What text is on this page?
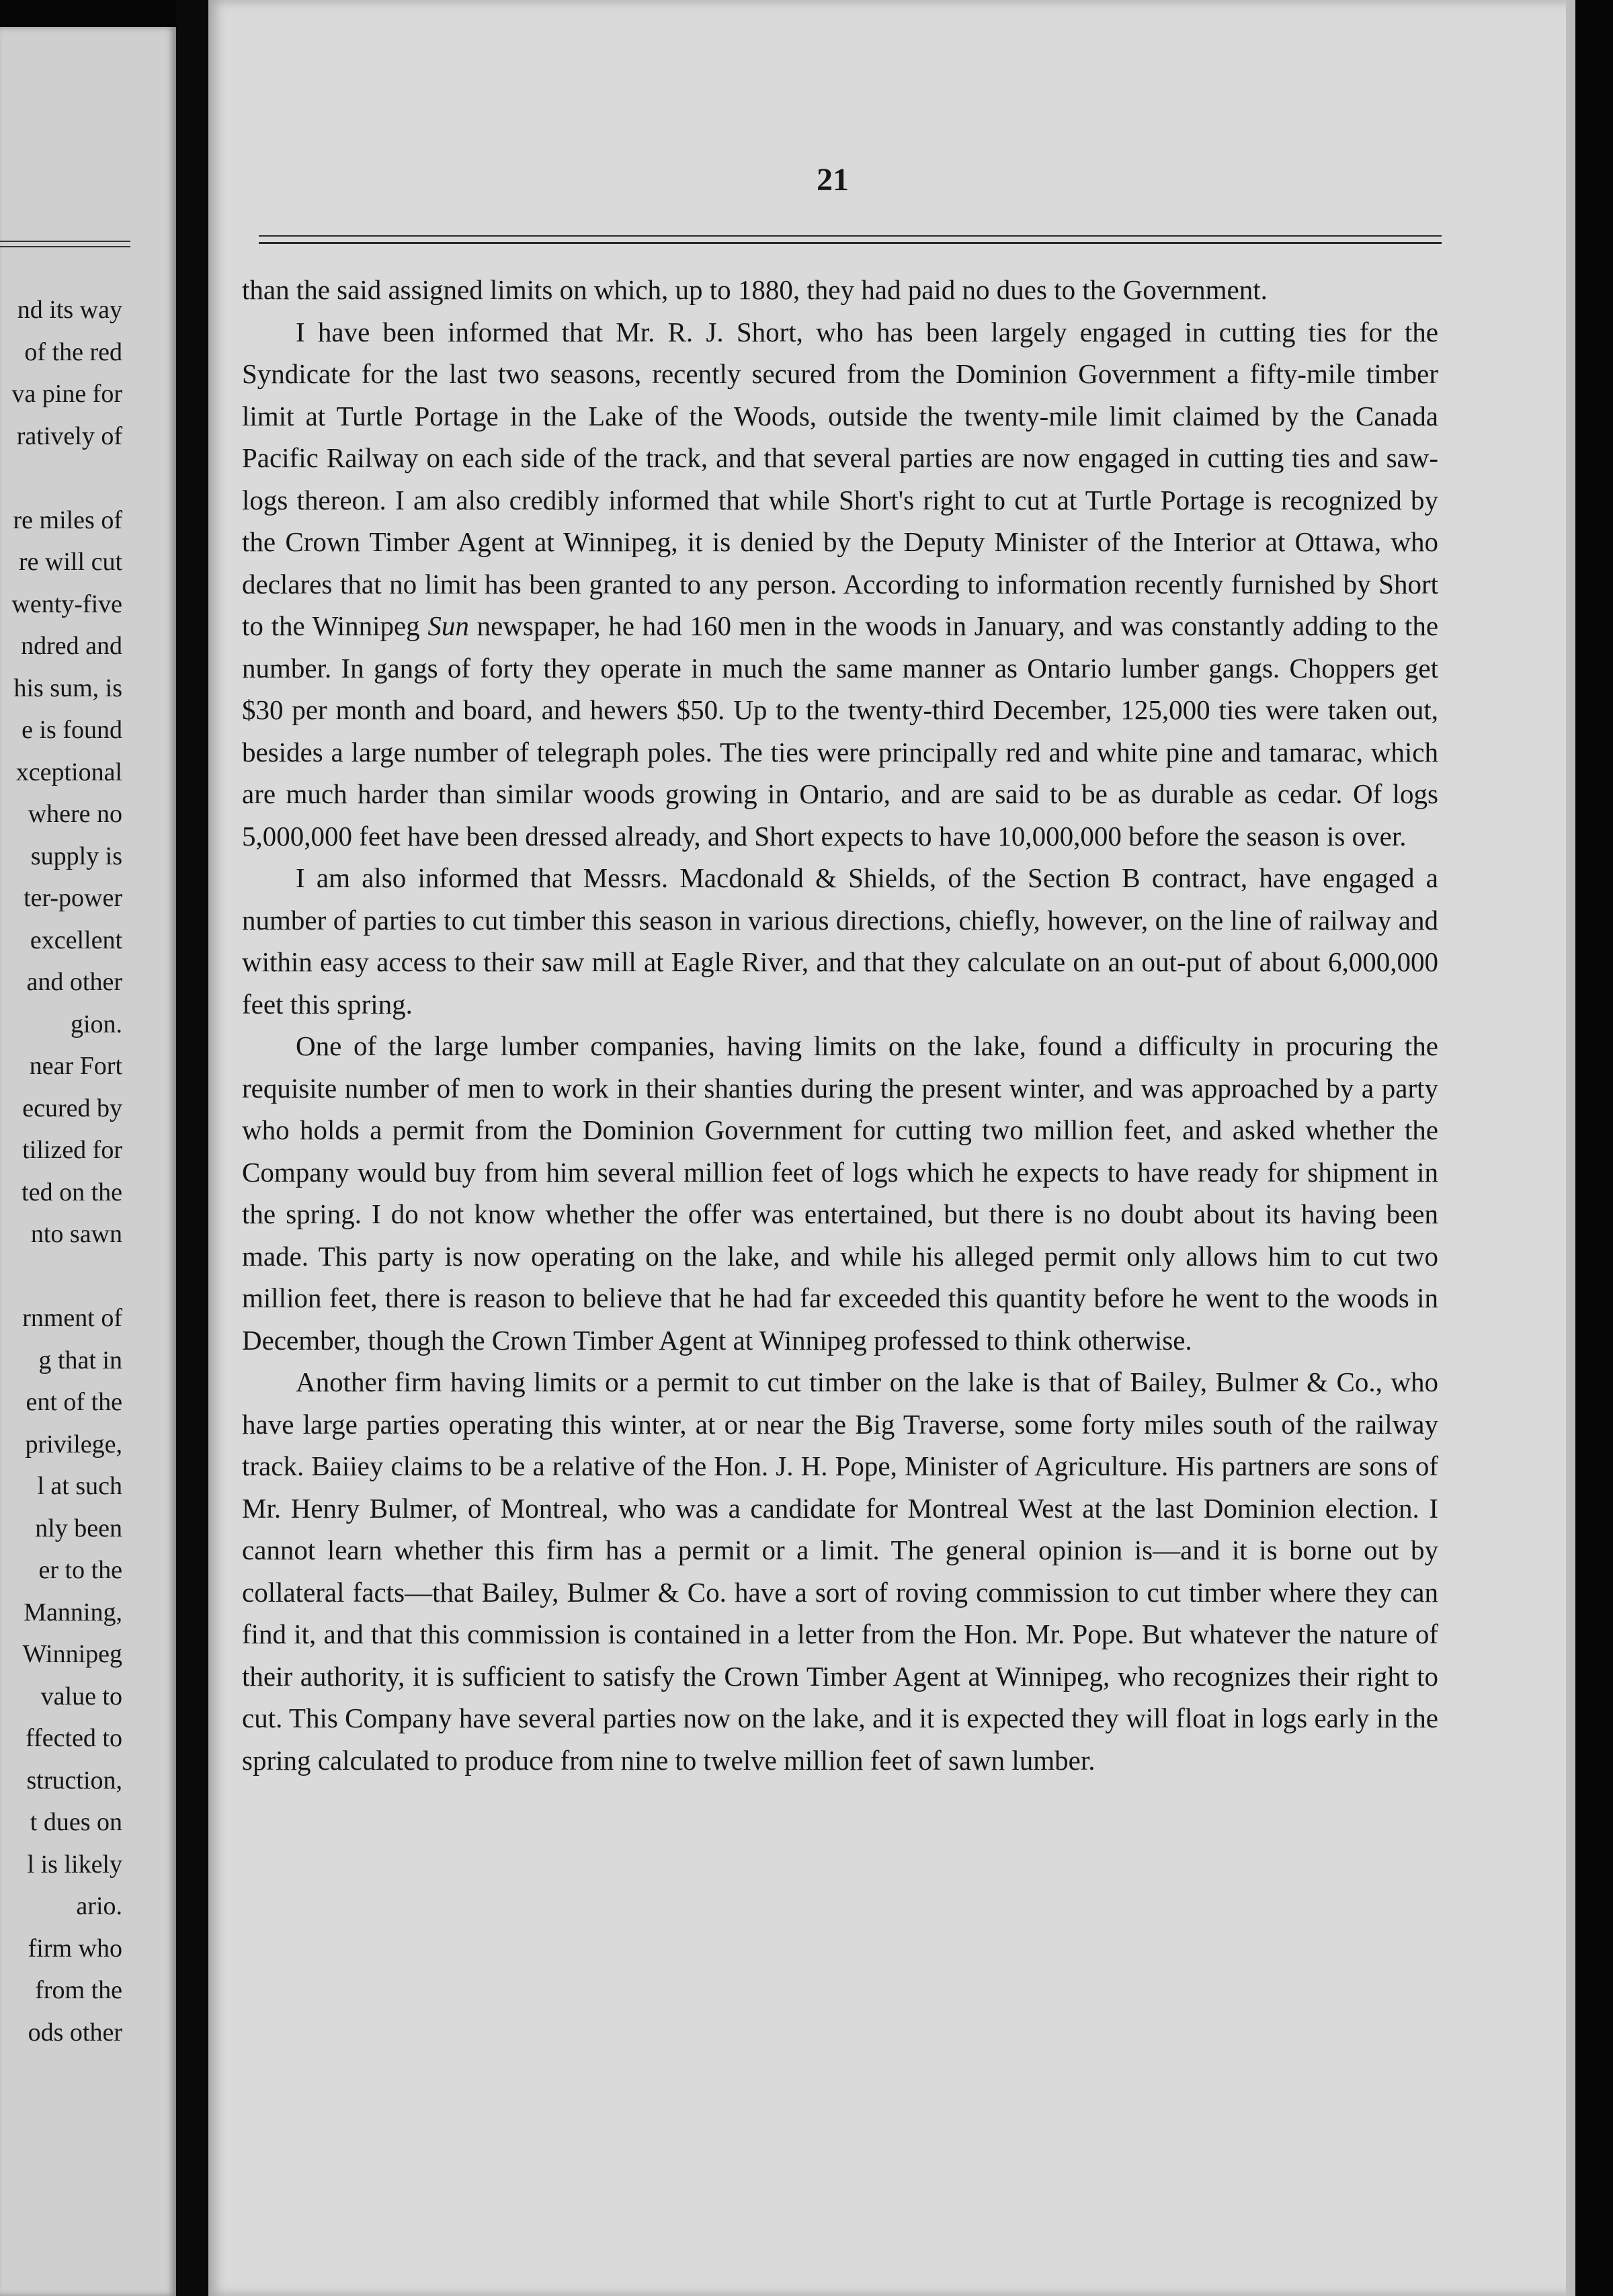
nd its way
of the red
va pine for
ratively of
re miles of
re will cut
wenty-five
ndred and
his sum, is
e is found
xceptional
where no
supply is
ter-power
excellent
and other
gion.
near Fort
ecured by
tilized for
ted on the
nto sawn
rnment of
g that in
ent of the
privilege,
l at such
nly been
er to the
Manning,
Winnipeg
value to
ffected to
struction,
t dues on
l is likely
ario.
firm who
from the
ods other
21

than the said assigned limits on which, up to 1880, they had paid no dues to the Government.

I have been informed that Mr. R. J. Short, who has been largely engaged in cutting ties for the Syndicate for the last two seasons, recently secured from the Dominion Government a fifty-mile timber limit at Turtle Portage in the Lake of the Woods, outside the twenty-mile limit claimed by the Canada Pacific Railway on each side of the track, and that several parties are now engaged in cutting ties and saw-logs thereon. I am also credibly informed that while Short's right to cut at Turtle Portage is recognized by the Crown Timber Agent at Winnipeg, it is denied by the Deputy Minister of the Interior at Ottawa, who declares that no limit has been granted to any person. According to information recently furnished by Short to the Winnipeg Sun newspaper, he had 160 men in the woods in January, and was constantly adding to the number. In gangs of forty they operate in much the same manner as Ontario lumber gangs. Choppers get $30 per month and board, and hewers $50. Up to the twenty-third December, 125,000 ties were taken out, besides a large number of telegraph poles. The ties were principally red and white pine and tamarac, which are much harder than similar woods growing in Ontario, and are said to be as durable as cedar. Of logs 5,000,000 feet have been dressed already, and Short expects to have 10,000,000 before the season is over.

I am also informed that Messrs. Macdonald & Shields, of the Section B contract, have engaged a number of parties to cut timber this season in various directions, chiefly, however, on the line of railway and within easy access to their saw mill at Eagle River, and that they calculate on an out-put of about 6,000,000 feet this spring.

One of the large lumber companies, having limits on the lake, found a difficulty in procuring the requisite number of men to work in their shanties during the present winter, and was approached by a party who holds a permit from the Dominion Government for cutting two million feet, and asked whether the Company would buy from him several million feet of logs which he expects to have ready for shipment in the spring. I do not know whether the offer was entertained, but there is no doubt about its having been made. This party is now operating on the lake, and while his alleged permit only allows him to cut two million feet, there is reason to believe that he had far exceeded this quantity before he went to the woods in December, though the Crown Timber Agent at Winnipeg professed to think otherwise.

Another firm having limits or a permit to cut timber on the lake is that of Bailey, Bulmer & Co., who have large parties operating this winter, at or near the Big Traverse, some forty miles south of the railway track. Baiiey claims to be a relative of the Hon. J. H. Pope, Minister of Agriculture. His partners are sons of Mr. Henry Bulmer, of Montreal, who was a candidate for Montreal West at the last Dominion election. I cannot learn whether this firm has a permit or a limit. The general opinion is—and it is borne out by collateral facts—that Bailey, Bulmer & Co. have a sort of roving commission to cut timber where they can find it, and that this commission is contained in a letter from the Hon. Mr. Pope. But whatever the nature of their authority, it is sufficient to satisfy the Crown Timber Agent at Winnipeg, who recognizes their right to cut. This Company have several parties now on the lake, and it is expected they will float in logs early in the spring calculated to produce from nine to twelve million feet of sawn lumber.
